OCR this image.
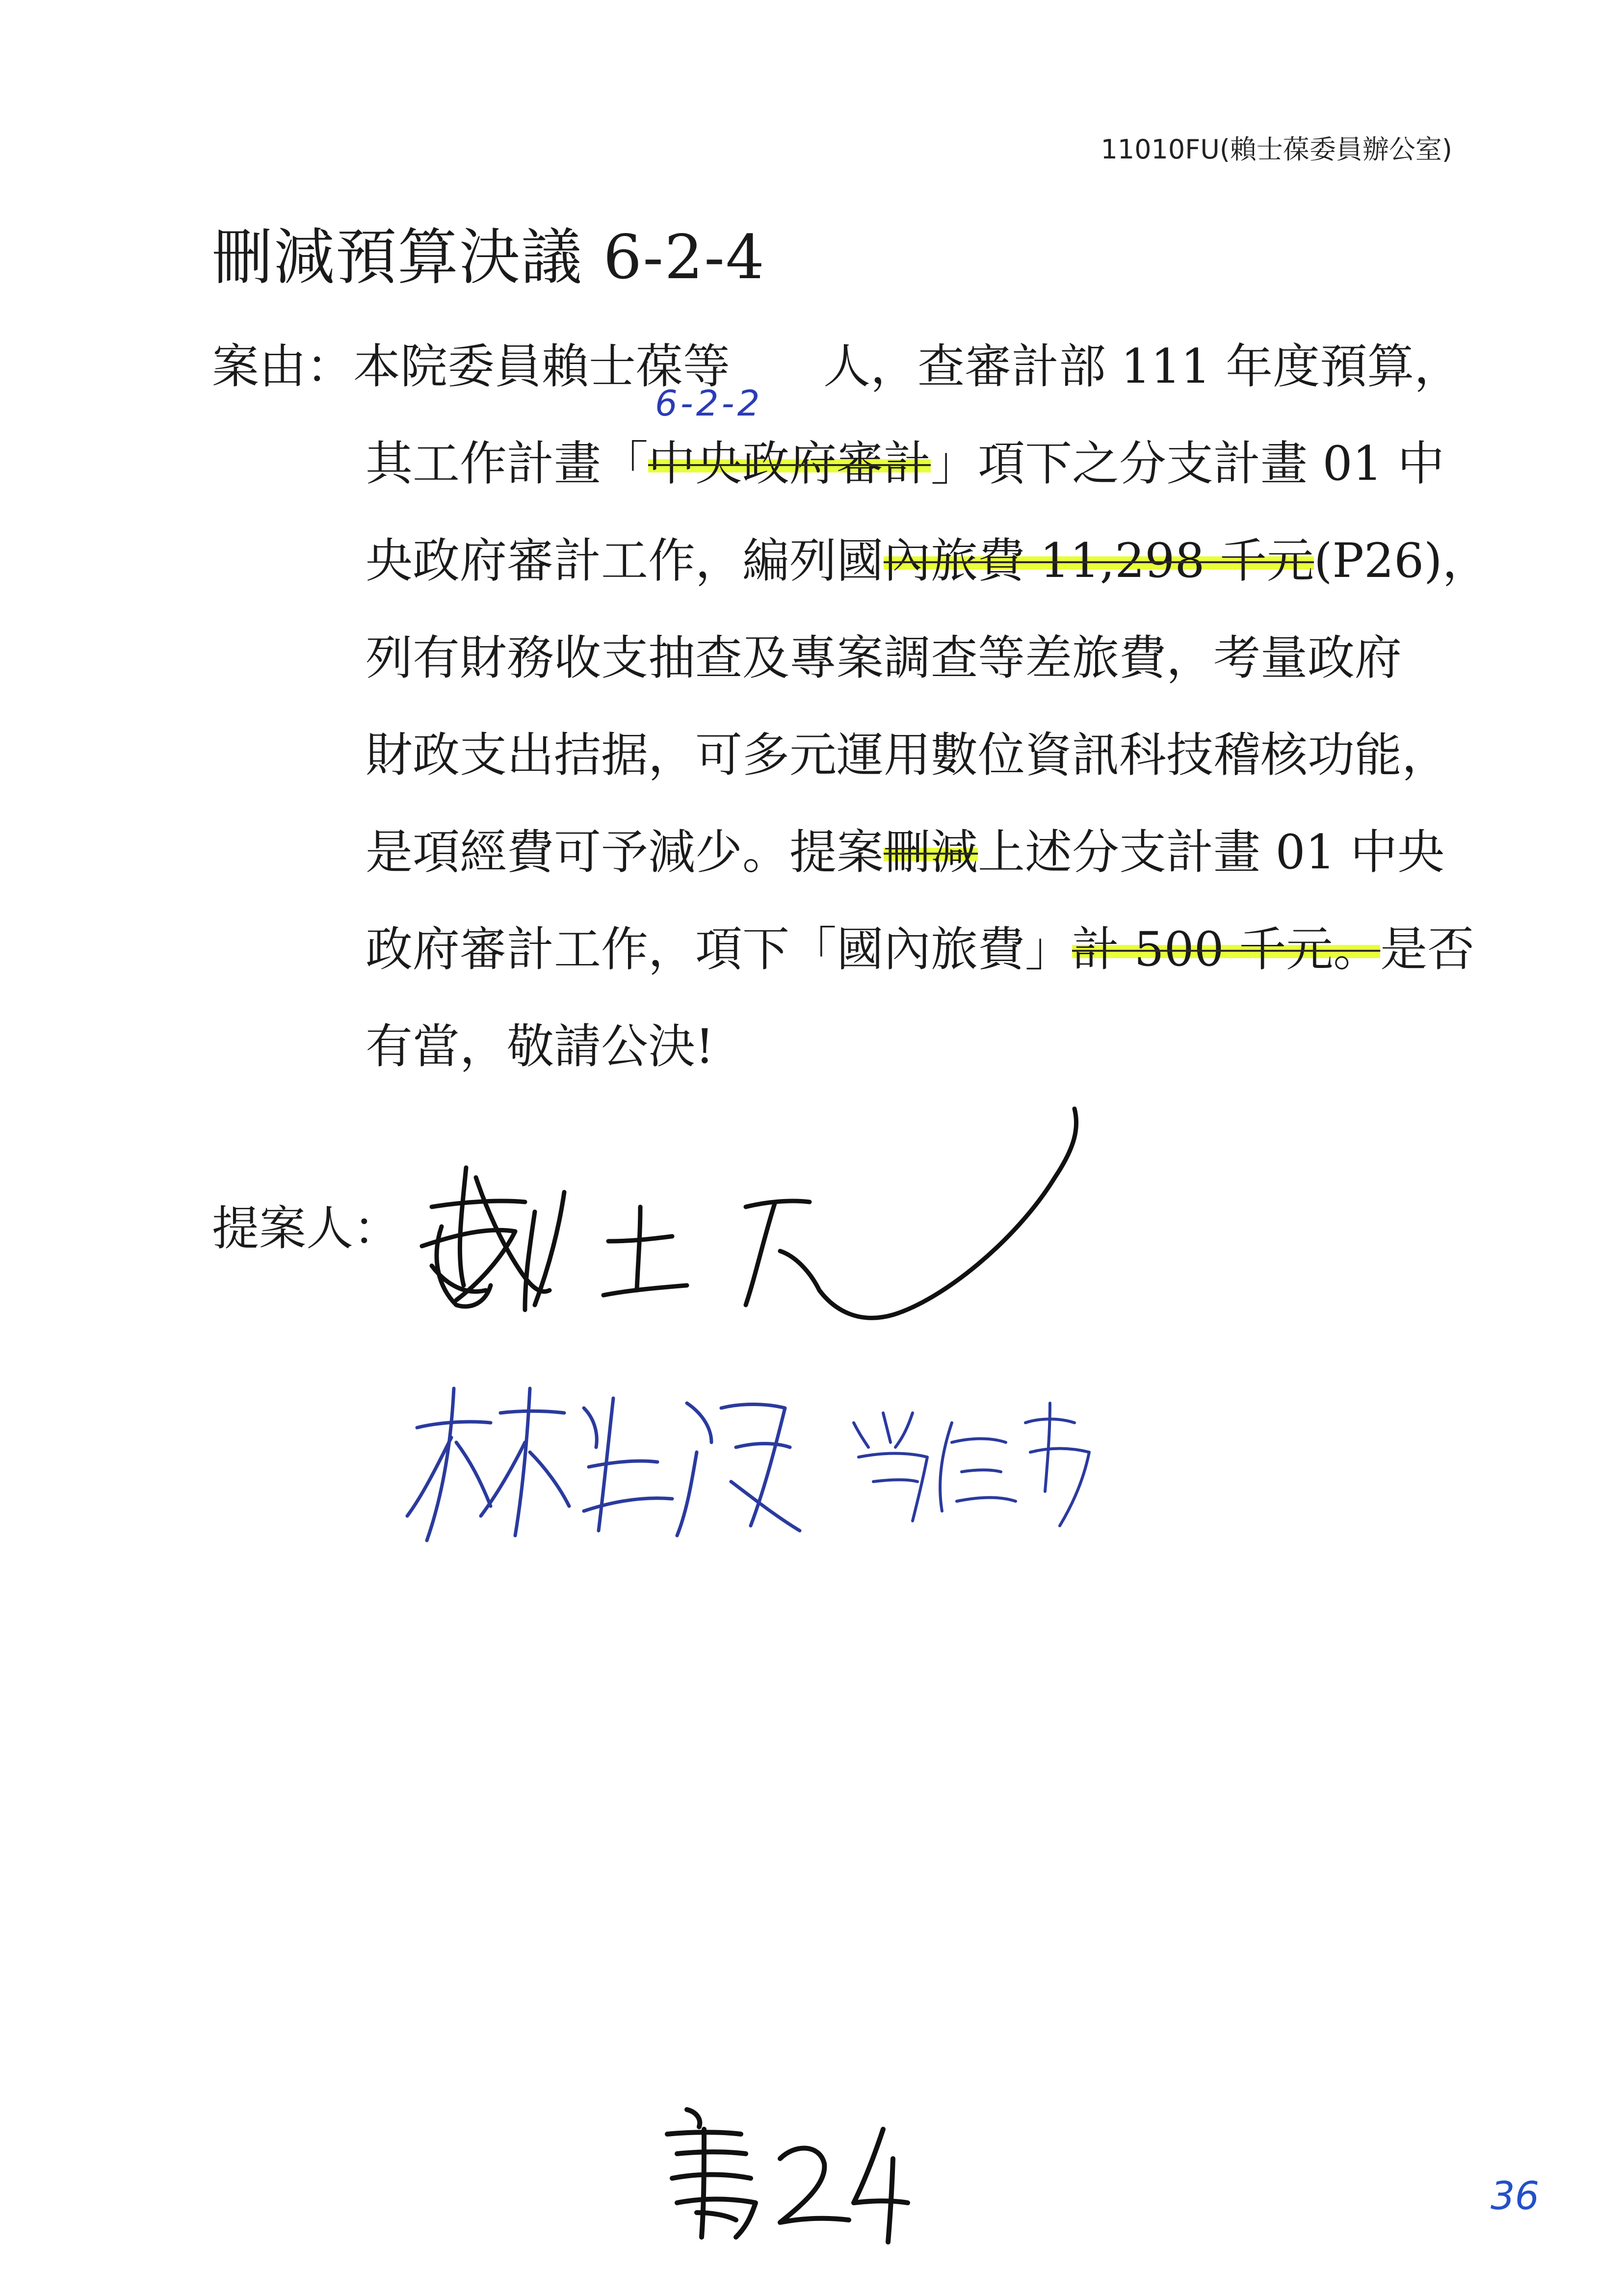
11010FU(賴士葆委員辦公室)
刪減預算決議 6-2-4
6-2-2
案由：本院委員賴士葆等 人，查審計部 111 年度預算，
其工作計畫「中央政府審計」項下之分支計畫 01 中
央政府審計工作，編列國內旅費 11,298 千元(P26)，
列有財務收支抽查及專案調查等差旅費，考量政府
財政支出拮据，可多元運用數位資訊科技稽核功能，
是項經費可予減少。提案刪減上述分支計畫 01 中央
政府審計工作，項下「國內旅費」計 500 千元。是否
有當，敬請公決!
提案人：
36
